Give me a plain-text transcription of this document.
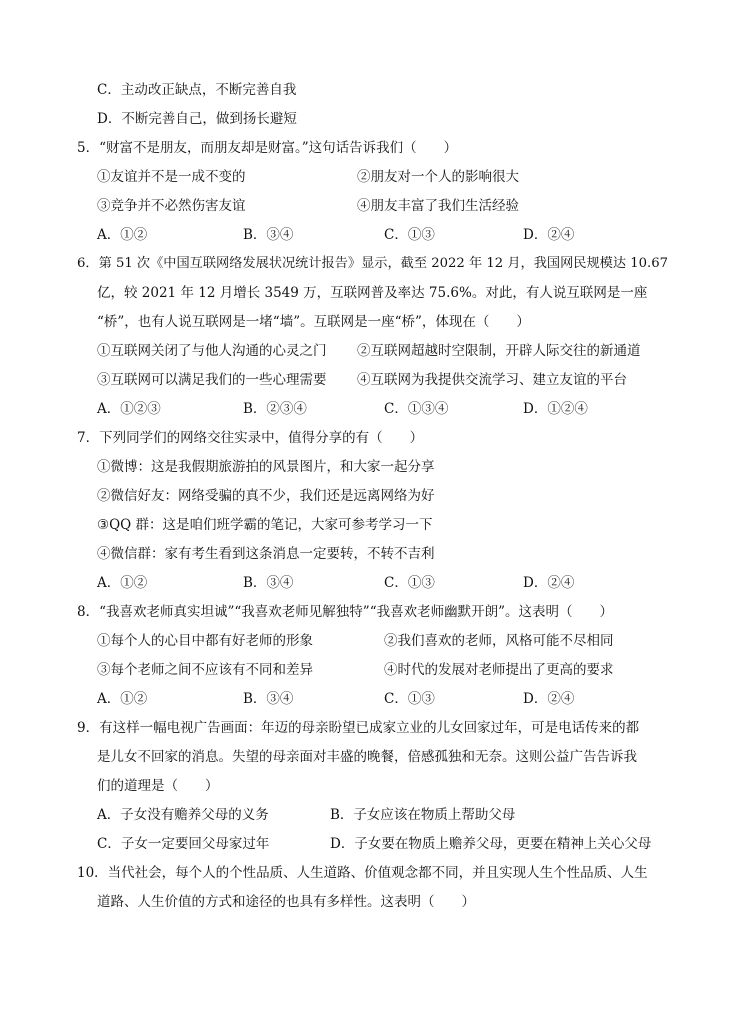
C．主动改正缺点，不断完善自我
D．不断完善自己，做到扬长避短
5．“财富不是朋友，而朋友却是财富。”这句话告诉我们（　　）
①友谊并不是一成不变的	②朋友对一个人的影响很大
③竞争并不必然伤害友谊	④朋友丰富了我们生活经验
A．①②	B．③④	C．①③	D．②④
6．第 51 次《中国互联网络发展状况统计报告》显示，截至 2022 年 12 月，我国网民规模达 10.67
亿，较 2021 年 12 月增长 3549 万，互联网普及率达 75.6%。对此，有人说互联网是一座
“桥”，也有人说互联网是一堵“墙”。互联网是一座“桥”，体现在（　　）
①互联网关闭了与他人沟通的心灵之门 ②互联网超越时空限制，开辟人际交往的新通道
③互联网可以满足我们的一些心理需要 ④互联网为我提供交流学习、建立友谊的平台
A．①②③	B．②③④	C．①③④	D．①②④
7．下列同学们的网络交往实录中，值得分享的有（　　）
①微博：这是我假期旅游拍的风景图片，和大家一起分享
②微信好友：网络受骗的真不少，我们还是远离网络为好
③QQ 群：这是咱们班学霸的笔记，大家可参考学习一下
④微信群：家有考生看到这条消息一定要转，不转不吉利
A．①②	B．③④	C．①③	D．②④
8．“我喜欢老师真实坦诚”“我喜欢老师见解独特”“我喜欢老师幽默开朗”。这表明（　　）
①每个人的心目中都有好老师的形象	②我们喜欢的老师，风格可能不尽相同
③每个老师之间不应该有不同和差异	④时代的发展对老师提出了更高的要求
A．①②	B．③④	C．①③	D．②④
9．有这样一幅电视广告画面：年迈的母亲盼望已成家立业的儿女回家过年，可是电话传来的都
是儿女不回家的消息。失望的母亲面对丰盛的晚餐，倍感孤独和无奈。这则公益广告告诉我
们的道理是（　　）
A．子女没有赡养父母的义务	B．子女应该在物质上帮助父母
C．子女一定要回父母家过年	D．子女要在物质上赡养父母，更要在精神上关心父母
10．当代社会，每个人的个性品质、人生道路、价值观念都不同，并且实现人生个性品质、人生
道路、人生价值的方式和途径的也具有多样性。这表明（　　）
